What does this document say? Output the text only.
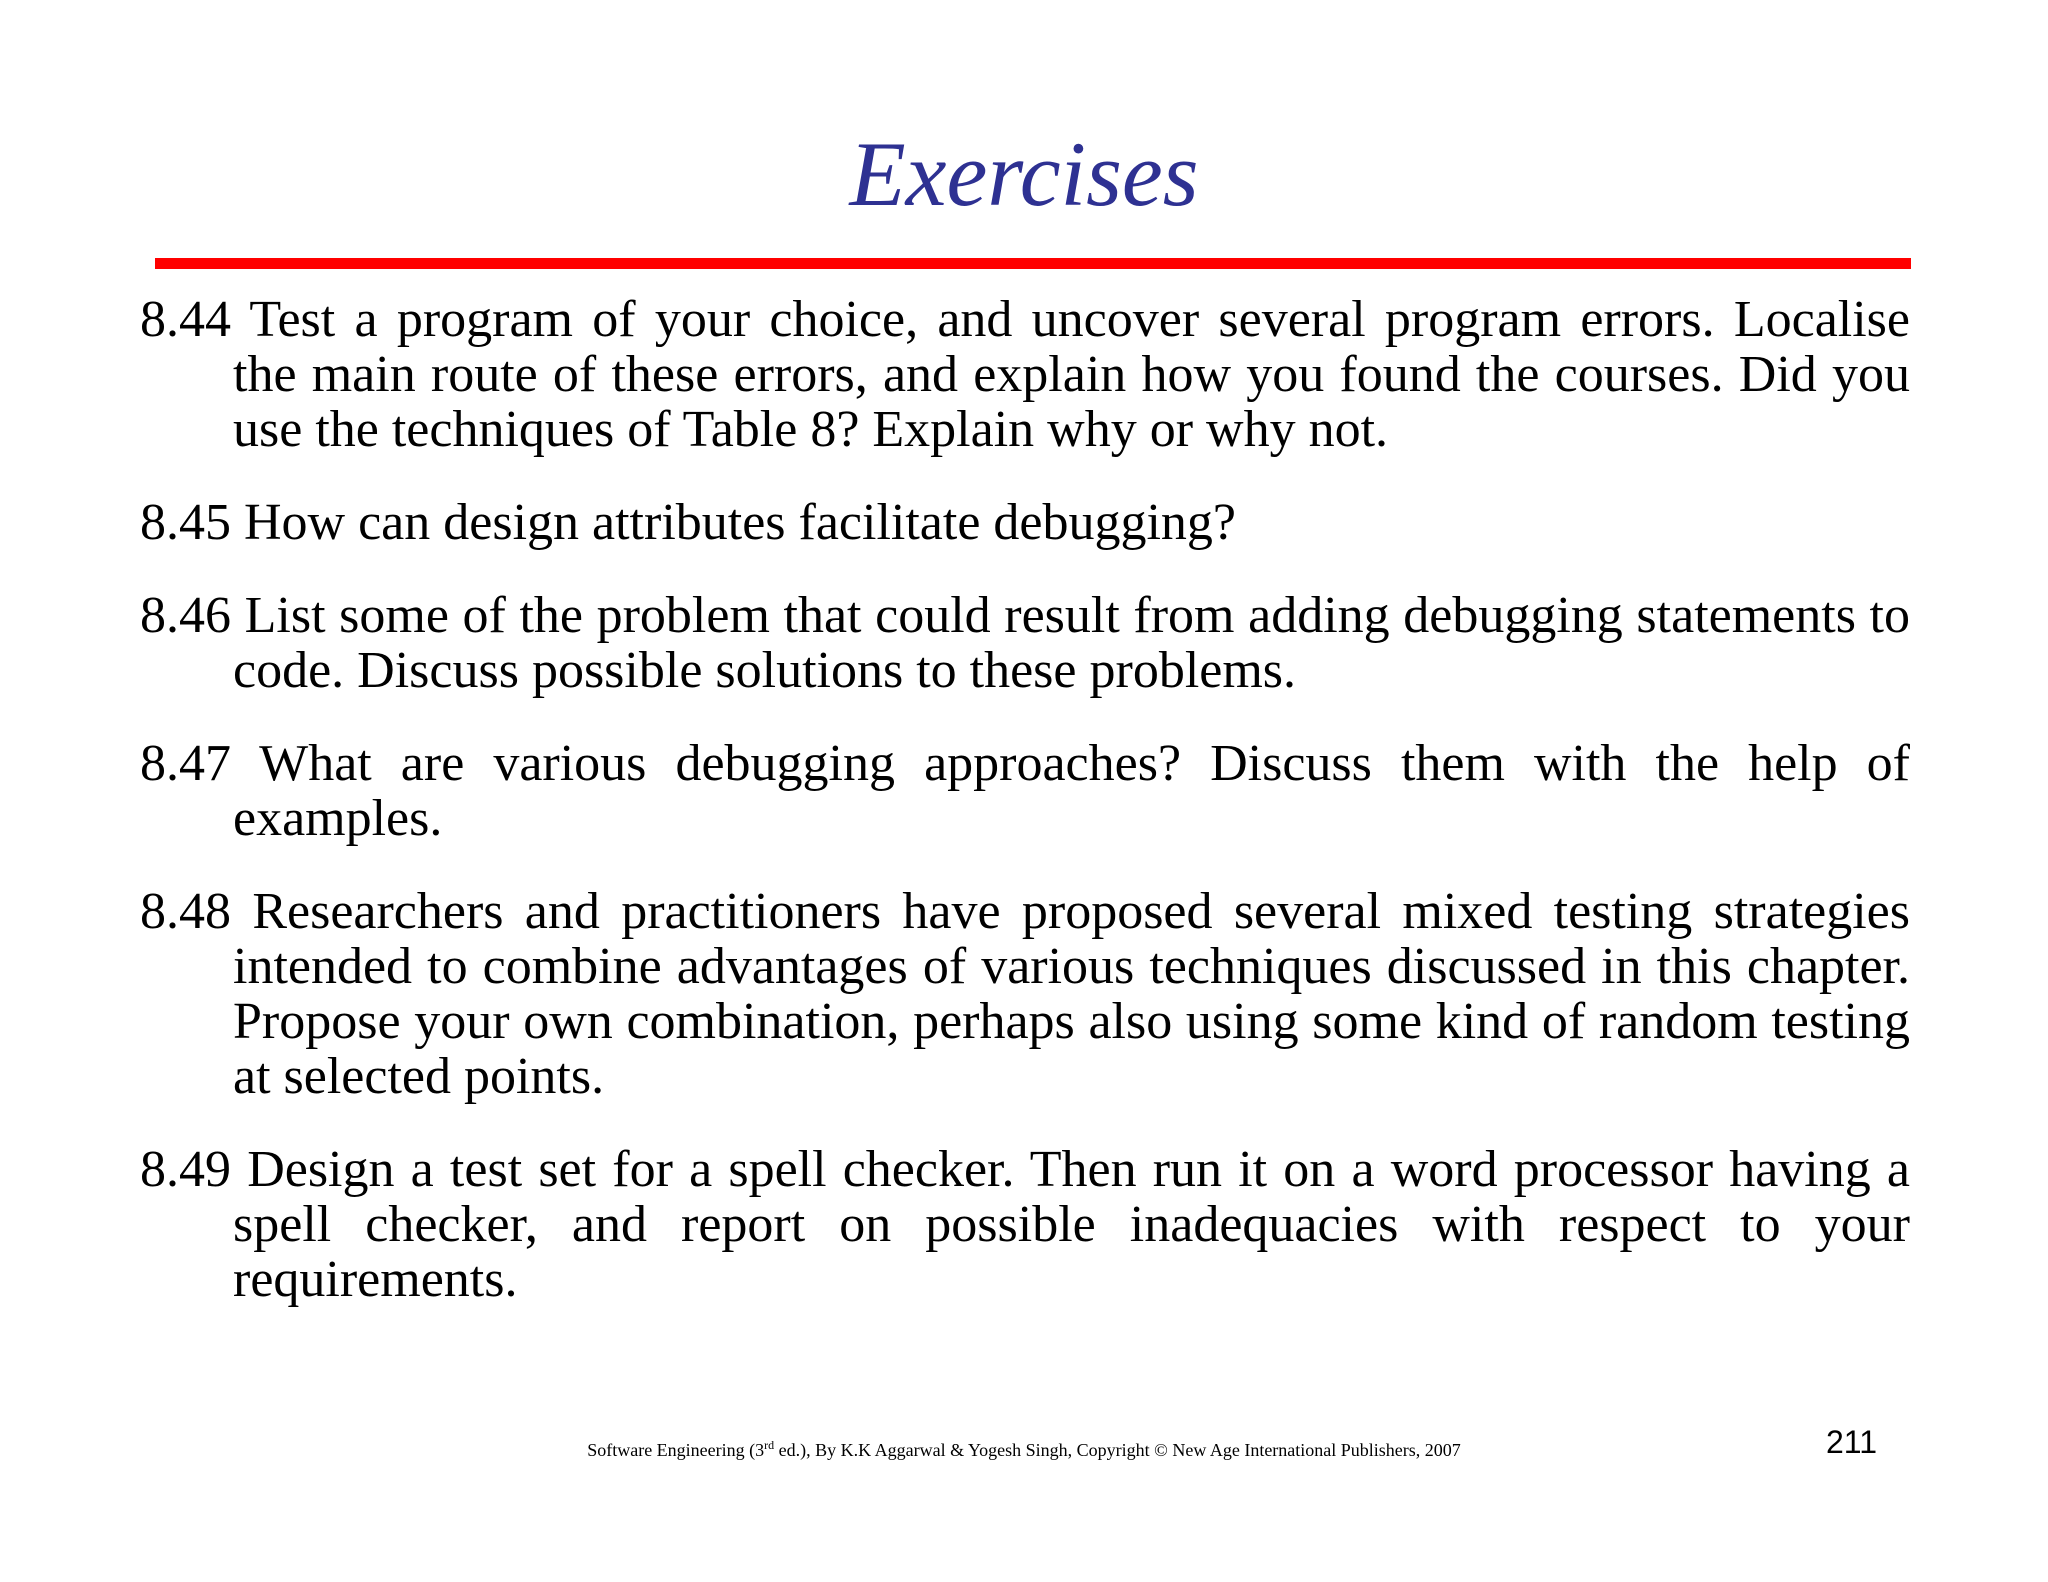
Exercises
8.44 Test a program of your choice, and uncover several program errors. Localise the main route of these errors, and explain how you found the courses. Did you use the techniques of Table 8? Explain why or why not.
8.45 How can design attributes facilitate debugging?
8.46 List some of the problem that could result from adding debugging statements to code. Discuss possible solutions to these problems.
8.47 What are various debugging approaches? Discuss them with the help of examples.
8.48 Researchers and practitioners have proposed several mixed testing strategies intended to combine advantages of various techniques discussed in this chapter. Propose your own combination, perhaps also using some kind of random testing at selected points.
8.49 Design a test set for a spell checker. Then run it on a word processor having a spell checker, and report on possible inadequacies with respect to your requirements.
Software Engineering (3rd ed.), By K.K Aggarwal & Yogesh Singh, Copyright © New Age International Publishers, 2007	211
